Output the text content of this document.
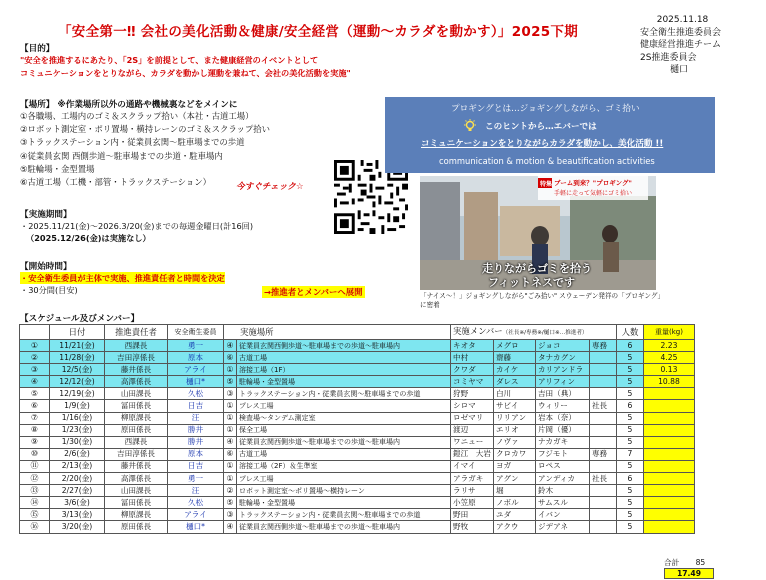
「安全第一‼ 会社の美化活動＆健康/安全経営（運動～カラダを動かす）」2025下期
2025.11.18
安全衛生推進委員会
健康経営推進チーム
2S推進委員会
樋口
【目的】
"安全を推進するにあたり、「2S」を前提として、また健康経営のイベントとして
コミュニケーションをとりながら、カラダを動かし運動を兼ねて、会社の美化活動を実施"
【場所】 ※作業場所以外の通路や機械裏などをメインに
①各職場、工場内のゴミ＆スクラップ拾い（本社・古道工場）
②ロボット測定室・ポリ置場・横持レーンのゴミ＆スクラップ拾い
③トラックステーション内・従業員玄関～駐車場までの歩道
④従業員玄関 西側歩道～駐車場までの歩道・駐車場内
⑤駐輪場・金型置場
⑥古道工場（工機・部管・トラックステーション）	今すぐチェック☆
【実施期間】
・2025.11/21(金)～2026.3/20(金)までの毎週金曜日(計16回)
（2025.12/26(金)は実施なし）
【開始時間】
・安全衛生委員が主体で実施、推進責任者と時間を決定
・30分間(目安)	→推進者とメンバーへ展開
プロギングとは…ジョギングしながら、ゴミ拾い
このヒントから…エバーでは
コミュニケーションをとりながらカラダを動かし、美化活動 !!
communication & motion & beautification activities
特集 ブーム到来？"プロギング"
手軽に走って気軽にゴミ拾い
走りながらゴミを拾う
フィットネスです
「ナイス～！」ジョギングしながら"ごみ拾い" スウェーデン発祥の「プロギング」に密着
【スケジュール及びメンバー】
	日付	推進責任者	安全衛生委員	実施場所		実施メンバー（社長※/専務※/樋口※…推進者）				人数	重量(kg)
①	11/21(金)	西課長	勇一	④	従業員玄関西側歩道～駐車場までの歩道～駐車場内	キオタ	メグロ	ジョコ	専務	6	2.23
②	11/28(金)	吉田淳係長	原本	⑥	古道工場	中村	齋藤	タナカグン		5	4.25
③	12/5(金)	藤井係長	アライ	①	溶接工場（1F）	クワダ	カイケ	カリアンドラ		5	0.13
④	12/12(金)	高澤係長	樋口*	⑤	駐輪場・金型置場	コミヤマ	ダレス	アリフィン		5	10.88
⑤	12/19(金)	山田課長	久松	③	トラックステーション内・従業員玄関～駐車場までの歩道	狩野	白川	吉田（典）		5	
⑥	1/9(金)	冨田係長	日吉	①	プレス工場	シロマ	サビイ	ウィリー	社長	6	
⑦	1/16(金)	柳原課長	汪	①	検査場～タンデム測定室	ロゼマリ	リリアン	岩本（奈）		5	
⑧	1/23(金)	原田係長	勝井	①	保全工場	渡辺	エリオ	片岡（優）		5	
⑨	1/30(金)	西課長	勝井	④	従業員玄関西側歩道～駐車場までの歩道～駐車場内	ワニュー	ノヴァ	ナカガキ		5	
⑩	2/6(金)	吉田淳係長	原本	⑥	古道工場	鎧江　大岩	クロカワ	フジモト	専務	7	
⑪	2/13(金)	藤井係長	日吉	①	溶接工場（2F）＆生準室	イマイ	ヨガ	ロペス		5	
⑫	2/20(金)	高澤係長	勇一	①	プレス工場	アラガキ	アグン	アンディカ	社長	6	
⑬	2/27(金)	山田課長	汪	②	ロボット測定室～ポリ置場～横持レーン	ラリサ	堀	鈴木		5	
⑭	3/6(金)	冨田係長	久松	⑤	駐輪場・金型置場	小笠原	ノボル	サムスル		5	
⑮	3/13(金)	柳原課長	アライ	③	トラックステーション内・従業員玄関～駐車場までの歩道	野田	ユダ	イバン		5	
⑯	3/20(金)	原田係長	樋口*	④	従業員玄関西側歩道～駐車場までの歩道～駐車場内	野牧	アクウ	ジデアネ		5	
合計 85 17.49
